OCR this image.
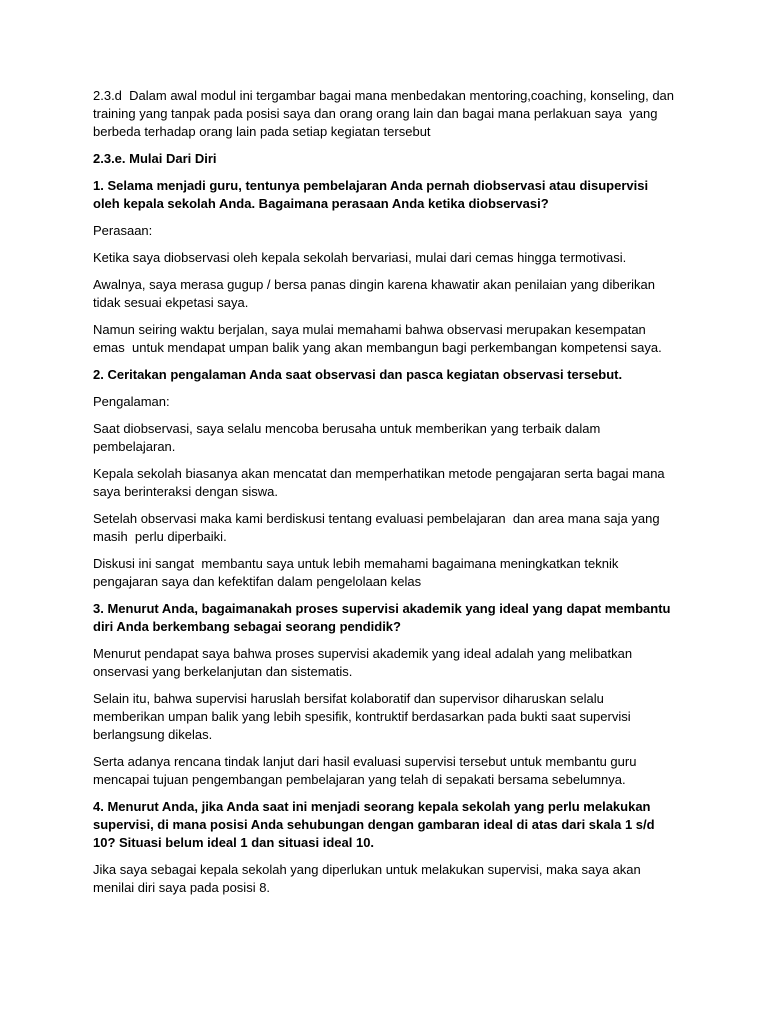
2.3.d  Dalam awal modul ini tergambar bagai mana menbedakan mentoring,coaching, konseling, dan training yang tanpak pada posisi saya dan orang orang lain dan bagai mana perlakuan saya  yang berbeda terhadap orang lain pada setiap kegiatan tersebut

2.3.e. Mulai Dari Diri

1. Selama menjadi guru, tentunya pembelajaran Anda pernah diobservasi atau disupervisi oleh kepala sekolah Anda. Bagaimana perasaan Anda ketika diobservasi?

Perasaan:

Ketika saya diobservasi oleh kepala sekolah bervariasi, mulai dari cemas hingga termotivasi.

Awalnya, saya merasa gugup / bersa panas dingin karena khawatir akan penilaian yang diberikan tidak sesuai ekpetasi saya.

Namun seiring waktu berjalan, saya mulai memahami bahwa observasi merupakan kesempatan emas  untuk mendapat umpan balik yang akan membangun bagi perkembangan kompetensi saya.

2. Ceritakan pengalaman Anda saat observasi dan pasca kegiatan observasi tersebut.

Pengalaman:

Saat diobservasi, saya selalu mencoba berusaha untuk memberikan yang terbaik dalam pembelajaran.

Kepala sekolah biasanya akan mencatat dan memperhatikan metode pengajaran serta bagai mana saya berinteraksi dengan siswa.

Setelah observasi maka kami berdiskusi tentang evaluasi pembelajaran  dan area mana saja yang masih  perlu diperbaiki.

Diskusi ini sangat  membantu saya untuk lebih memahami bagaimana meningkatkan teknik pengajaran saya dan kefektifan dalam pengelolaan kelas

3. Menurut Anda, bagaimanakah proses supervisi akademik yang ideal yang dapat membantu diri Anda berkembang sebagai seorang pendidik?

Menurut pendapat saya bahwa proses supervisi akademik yang ideal adalah yang melibatkan onservasi yang berkelanjutan dan sistematis.

Selain itu, bahwa supervisi haruslah bersifat kolaboratif dan supervisor diharuskan selalu memberikan umpan balik yang lebih spesifik, kontruktif berdasarkan pada bukti saat supervisi berlangsung dikelas.

Serta adanya rencana tindak lanjut dari hasil evaluasi supervisi tersebut untuk membantu guru mencapai tujuan pengembangan pembelajaran yang telah di sepakati bersama sebelumnya.

4. Menurut Anda, jika Anda saat ini menjadi seorang kepala sekolah yang perlu melakukan supervisi, di mana posisi Anda sehubungan dengan gambaran ideal di atas dari skala 1 s/d 10? Situasi belum ideal 1 dan situasi ideal 10.

Jika saya sebagai kepala sekolah yang diperlukan untuk melakukan supervisi, maka saya akan menilai diri saya pada posisi 8.
